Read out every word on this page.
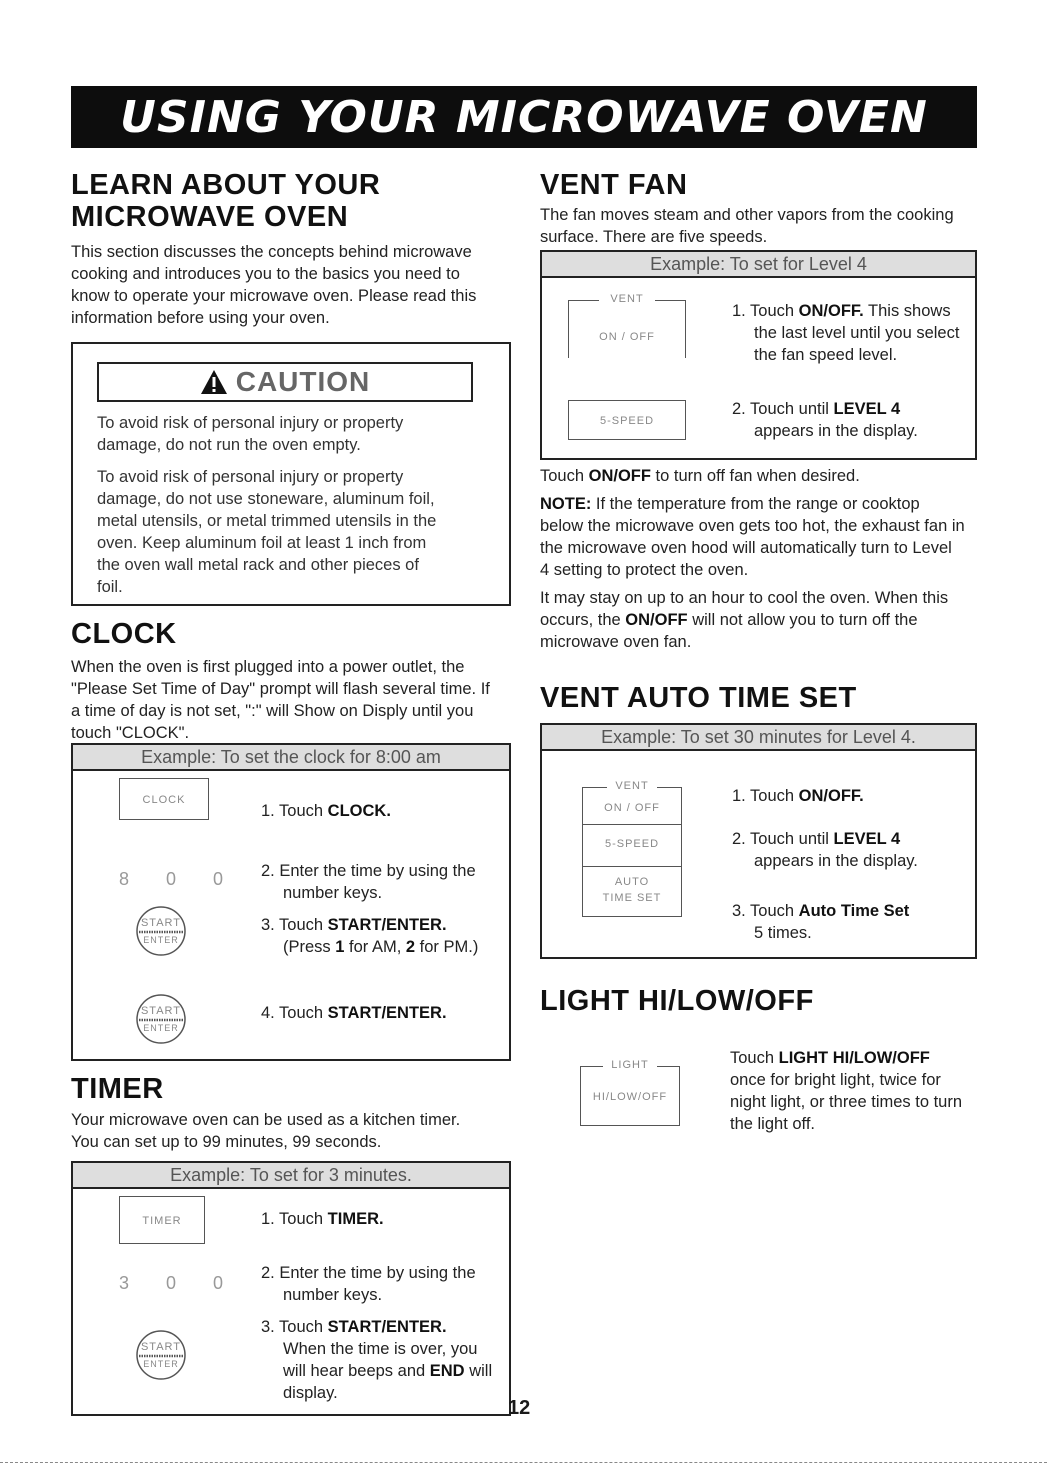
USING YOUR MICROWAVE OVEN
LEARN ABOUT YOUR
MICROWAVE OVEN
This section discusses the concepts behind microwave
cooking and introduces you to the basics you need to
know to operate your microwave oven. Please read this
information before using your oven.
CAUTION
To avoid risk of personal injury or property
damage, do not run the oven empty.
To avoid risk of personal injury or property
damage, do not use stoneware, aluminum foil,
metal utensils, or metal trimmed utensils in the
oven. Keep aluminum foil at least 1 inch from
the oven wall metal rack and other pieces of
foil.
CLOCK
When the oven is first plugged into a power outlet, the
"Please Set Time of Day" prompt will flash several time. If
a time of day is not set, ":" will Show on Disply until you
touch "CLOCK".
Example: To set the clock for 8:00 am
CLOCK
8 0 0
START
ENTER
START
ENTER
1. Touch CLOCK.
2. Enter the time by using the
number keys.
3. Touch START/ENTER.
(Press 1 for AM, 2 for PM.)
4. Touch START/ENTER.
TIMER
Your microwave oven can be used as a kitchen timer.
You can set up to 99 minutes, 99 seconds.
Example: To set for 3 minutes.
TIMER
3 0 0
START
ENTER
1. Touch TIMER.
2. Enter the time by using the
number keys.
3. Touch START/ENTER.
When the time is over, you
will hear beeps and END will
display.
12
VENT FAN
The fan moves steam and other vapors from the cooking
surface. There are five speeds.
Example: To set for Level 4
VENT
ON / OFF
5-SPEED
1. Touch ON/OFF. This shows
the last level until you select
the fan speed level.
2. Touch until LEVEL 4
appears in the display.
Touch ON/OFF to turn off fan when desired.
NOTE: If the temperature from the range or cooktop
below the microwave oven gets too hot, the exhaust fan in
the microwave oven hood will automatically turn to Level
4 setting to protect the oven.
It may stay on up to an hour to cool the oven. When this
occurs, the ON/OFF will not allow you to turn off the
microwave oven fan.
VENT AUTO TIME SET
Example: To set 30 minutes for Level 4.
VENT
ON / OFF
5-SPEED
AUTO
TIME SET
1. Touch ON/OFF.
2. Touch until LEVEL 4
appears in the display.
3. Touch Auto Time Set
5 times.
LIGHT HI/LOW/OFF
LIGHT
HI/LOW/OFF
Touch LIGHT HI/LOW/OFF
once for bright light, twice for
night light, or three times to turn
the light off.
